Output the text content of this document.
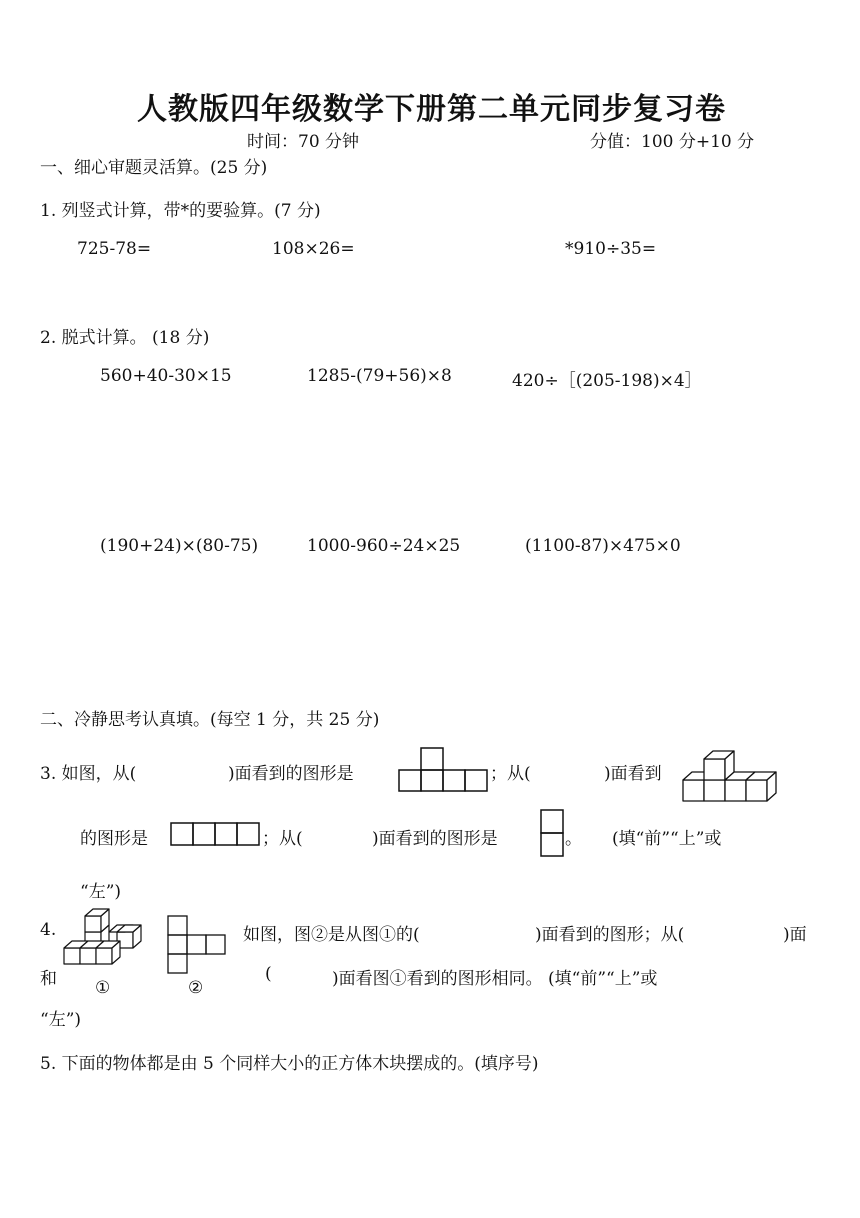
人教版四年级数学下册第二单元同步复习卷
时间：70 分钟	分值：100 分+10 分
一、细心审题灵活算。(25 分)
1. 列竖式计算，带*的要验算。(7 分)
725-78=	108×26=	*910÷35=
2. 脱式计算。 (18 分)
560+40-30×15	1285-(79+56)×8	420÷［(205-198)×4］
(190+24)×(80-75)	1000-960÷24×25	(1100-87)×475×0
二、冷静思考认真填。(每空 1 分，共 25 分)
3. 如图，从(	)面看到的图形是	；从(	)面看到
的图形是	；从(	)面看到的图形是	。 (填“前”“上”或
“左”)
4.
①	②
如图，图②是从图①的(	)面看到的图形；从(	)面
和	(	)面看图①看到的图形相同。 (填“前”“上”或
“左”)
5. 下面的物体都是由 5 个同样大小的正方体木块摆成的。(填序号)
